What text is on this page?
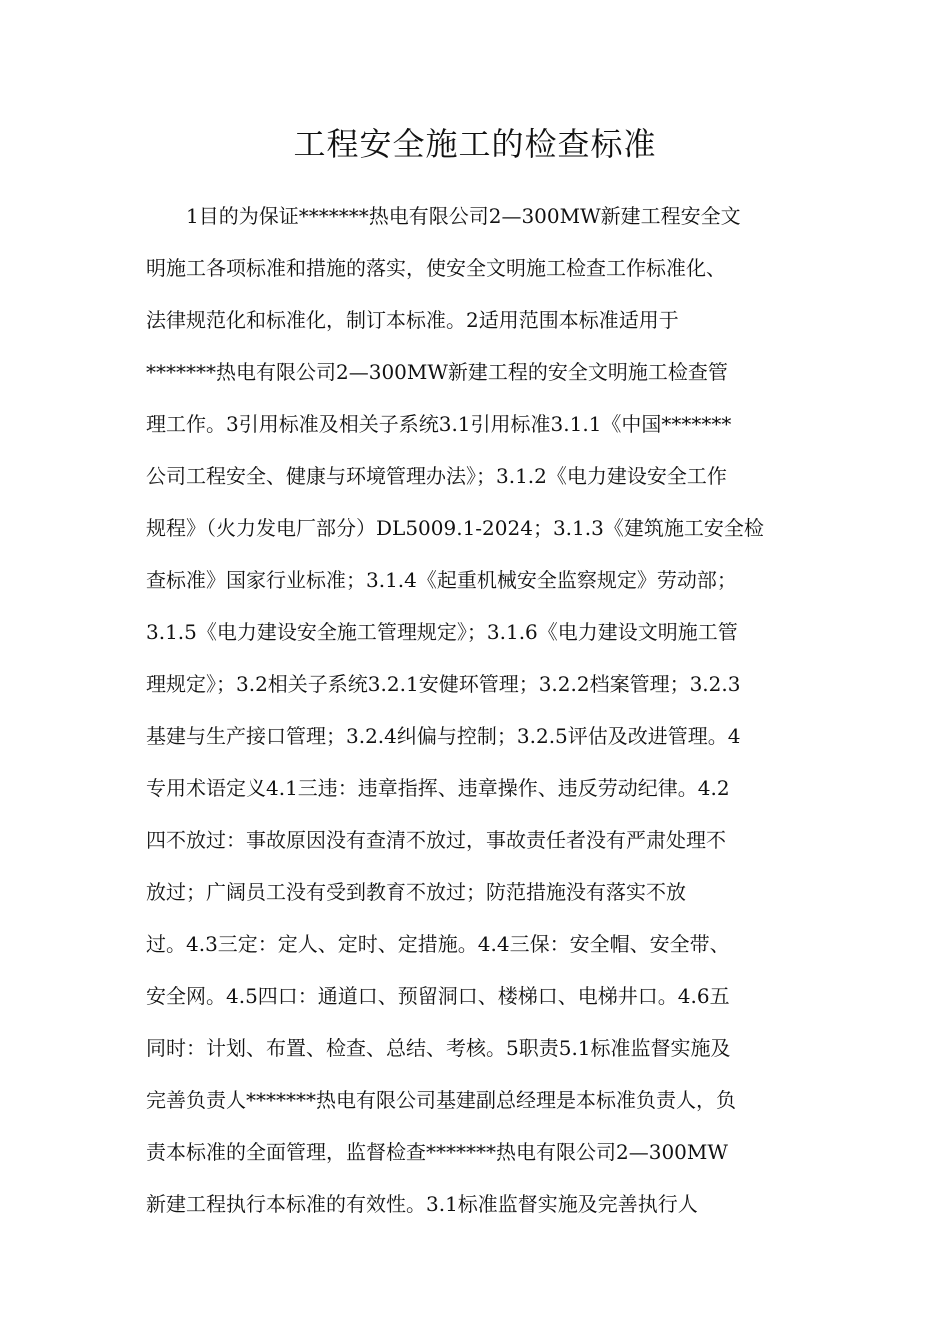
工程安全施工的检查标准
1目的为保证*******热电有限公司2—300MW新建工程安全文
明施工各项标准和措施的落实，使安全文明施工检查工作标准化、
法律规范化和标准化，制订本标准。2适用范围本标准适用于
*******热电有限公司2—300MW新建工程的安全文明施工检查管
理工作。3引用标准及相关子系统3.1引用标准3.1.1《中国*******
公司工程安全、健康与环境管理办法》；3.1.2《电力建设安全工作
规程》（火力发电厂部分）DL5009.1-2024；3.1.3《建筑施工安全检
查标准》国家行业标准；3.1.4《起重机械安全监察规定》劳动部；
3.1.5《电力建设安全施工管理规定》；3.1.6《电力建设文明施工管
理规定》；3.2相关子系统3.2.1安健环管理；3.2.2档案管理；3.2.3
基建与生产接口管理；3.2.4纠偏与控制；3.2.5评估及改进管理。4
专用术语定义4.1三违：违章指挥、违章操作、违反劳动纪律。4.2
四不放过：事故原因没有查清不放过，事故责任者没有严肃处理不
放过；广阔员工没有受到教育不放过；防范措施没有落实不放
过。4.3三定：定人、定时、定措施。4.4三保：安全帽、安全带、
安全网。4.5四口：通道口、预留洞口、楼梯口、电梯井口。4.6五
同时：计划、布置、检查、总结、考核。5职责5.1标准监督实施及
完善负责人*******热电有限公司基建副总经理是本标准负责人，负
责本标准的全面管理，监督检查*******热电有限公司2—300MW
新建工程执行本标准的有效性。3.1标准监督实施及完善执行人
